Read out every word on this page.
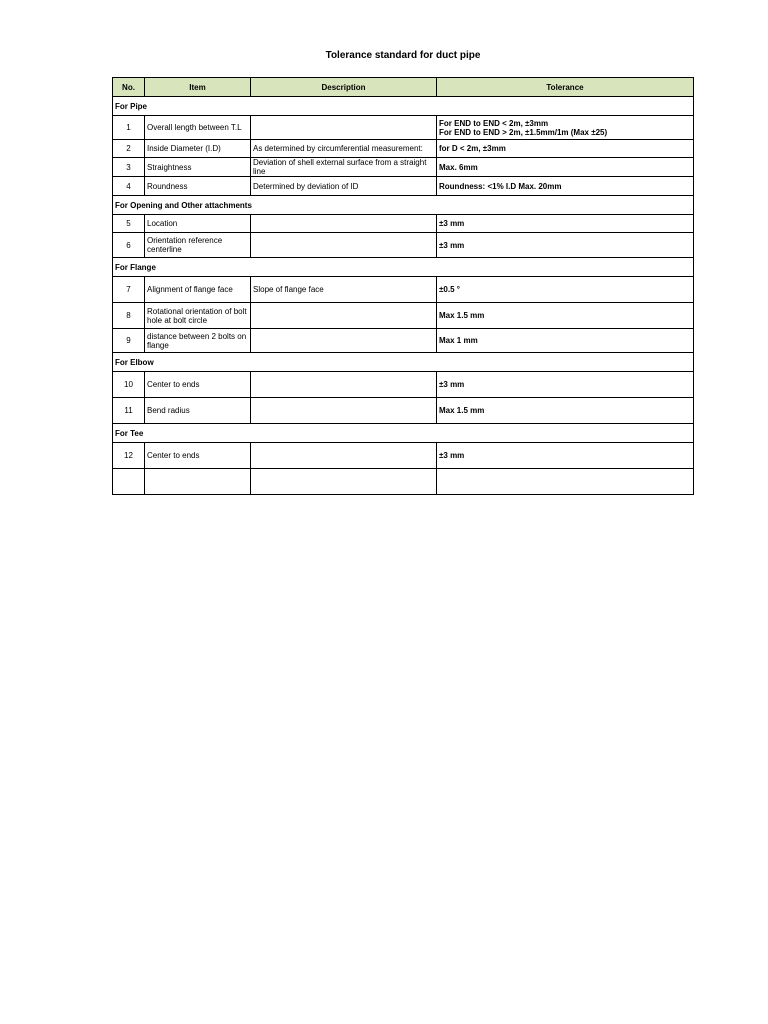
Tolerance standard for duct pipe
No.	Item	Description	Tolerance
For Pipe			
1	Overall length between T.L		For END to END < 2m, ±3mm
For END to END > 2m, ±1.5mm/1m (Max ±25)

2	Inside Diameter (I.D)	As determined by circumferential measurement:	for D < 2m, ±3mm

3	Straightness	Deviation of shell external surface from a straight line	Max. 6mm

4	Roundness	Determined by deviation of ID	Roundness: <1% I.D Max. 20mm

For Opening and Other attachments			
5	Location		±3 mm

6	Orientation reference centerline		±3 mm

For Flange			
7	Alignment of flange face	Slope of flange face	±0.5 °

8	Rotational orientation of bolt hole at bolt circle		Max 1.5 mm

9	distance between 2 bolts on flange		Max 1 mm

For Elbow			
10	Center to ends		±3 mm

11	Bend radius		Max 1.5 mm

For Tee			
12	Center to ends		±3 mm
